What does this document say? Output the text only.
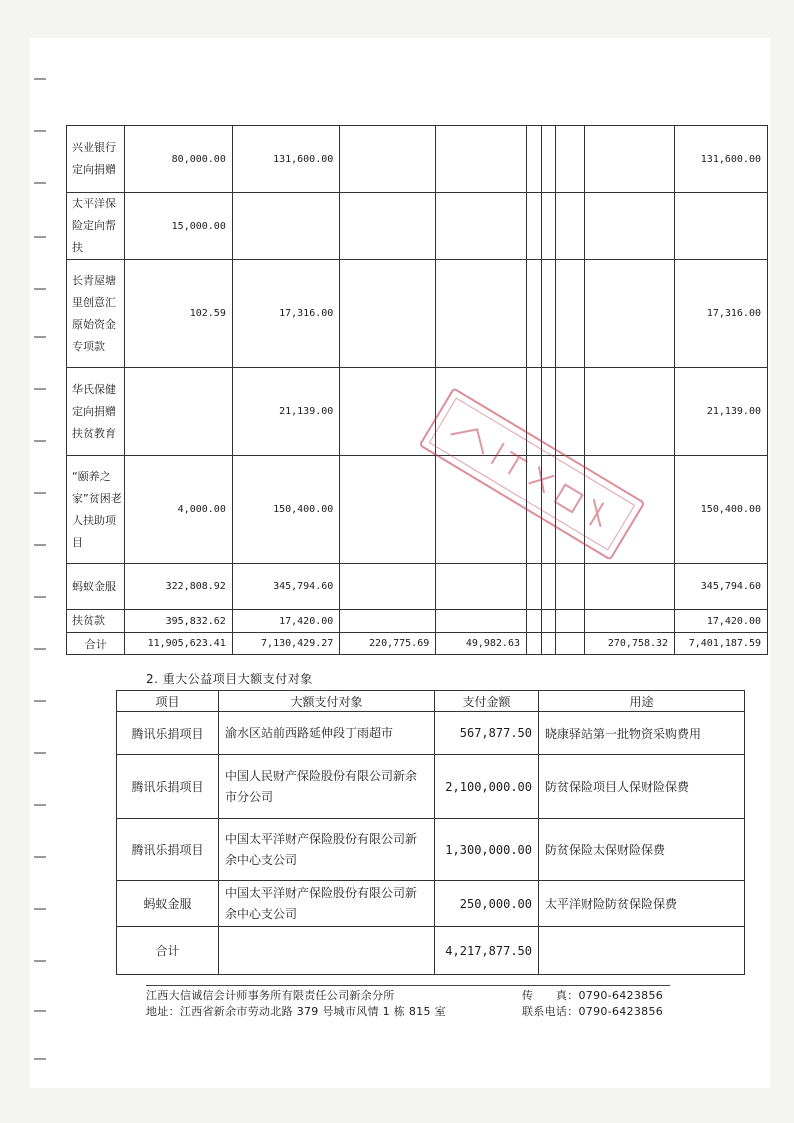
兴业银行定向捐赠	80,000.00	131,600.00							131,600.00
太平洋保险定向帮扶	15,000.00								
长青屋塘里创意汇原始资金专项款	102.59	17,316.00							17,316.00
华氏保健定向捐赠扶贫教育		21,139.00							21,139.00
“颐养之家”贫困老人扶助项目	4,000.00	150,400.00							150,400.00
蚂蚁金服	322,808.92	345,794.60							345,794.60
扶贫款	395,832.62	17,420.00							17,420.00
合计	11,905,623.41	7,130,429.27	220,775.69	49,982.63				270,758.32	7,401,187.59
2. 重大公益项目大额支付对象
项目	大额支付对象	支付金额	用途
腾讯乐捐项目	渝水区站前西路延伸段丁雨超市	567,877.50	晓康驿站第一批物资采购费用
腾讯乐捐项目	中国人民财产保险股份有限公司新余市分公司	2,100,000.00	防贫保险项目人保财险保费
腾讯乐捐项目	中国太平洋财产保险股份有限公司新余中心支公司	1,300,000.00	防贫保险太保财险保费
蚂蚁金服	中国太平洋财产保险股份有限公司新余中心支公司	250,000.00	太平洋财险防贫保险保费
合计		4,217,877.50	
江西大信诚信会计师事务所有限责任公司新余分所
地址：江西省新余市劳动北路 379 号城市风情 1 栋 815 室
传　　真：0790-6423856
联系电话：0790-6423856
